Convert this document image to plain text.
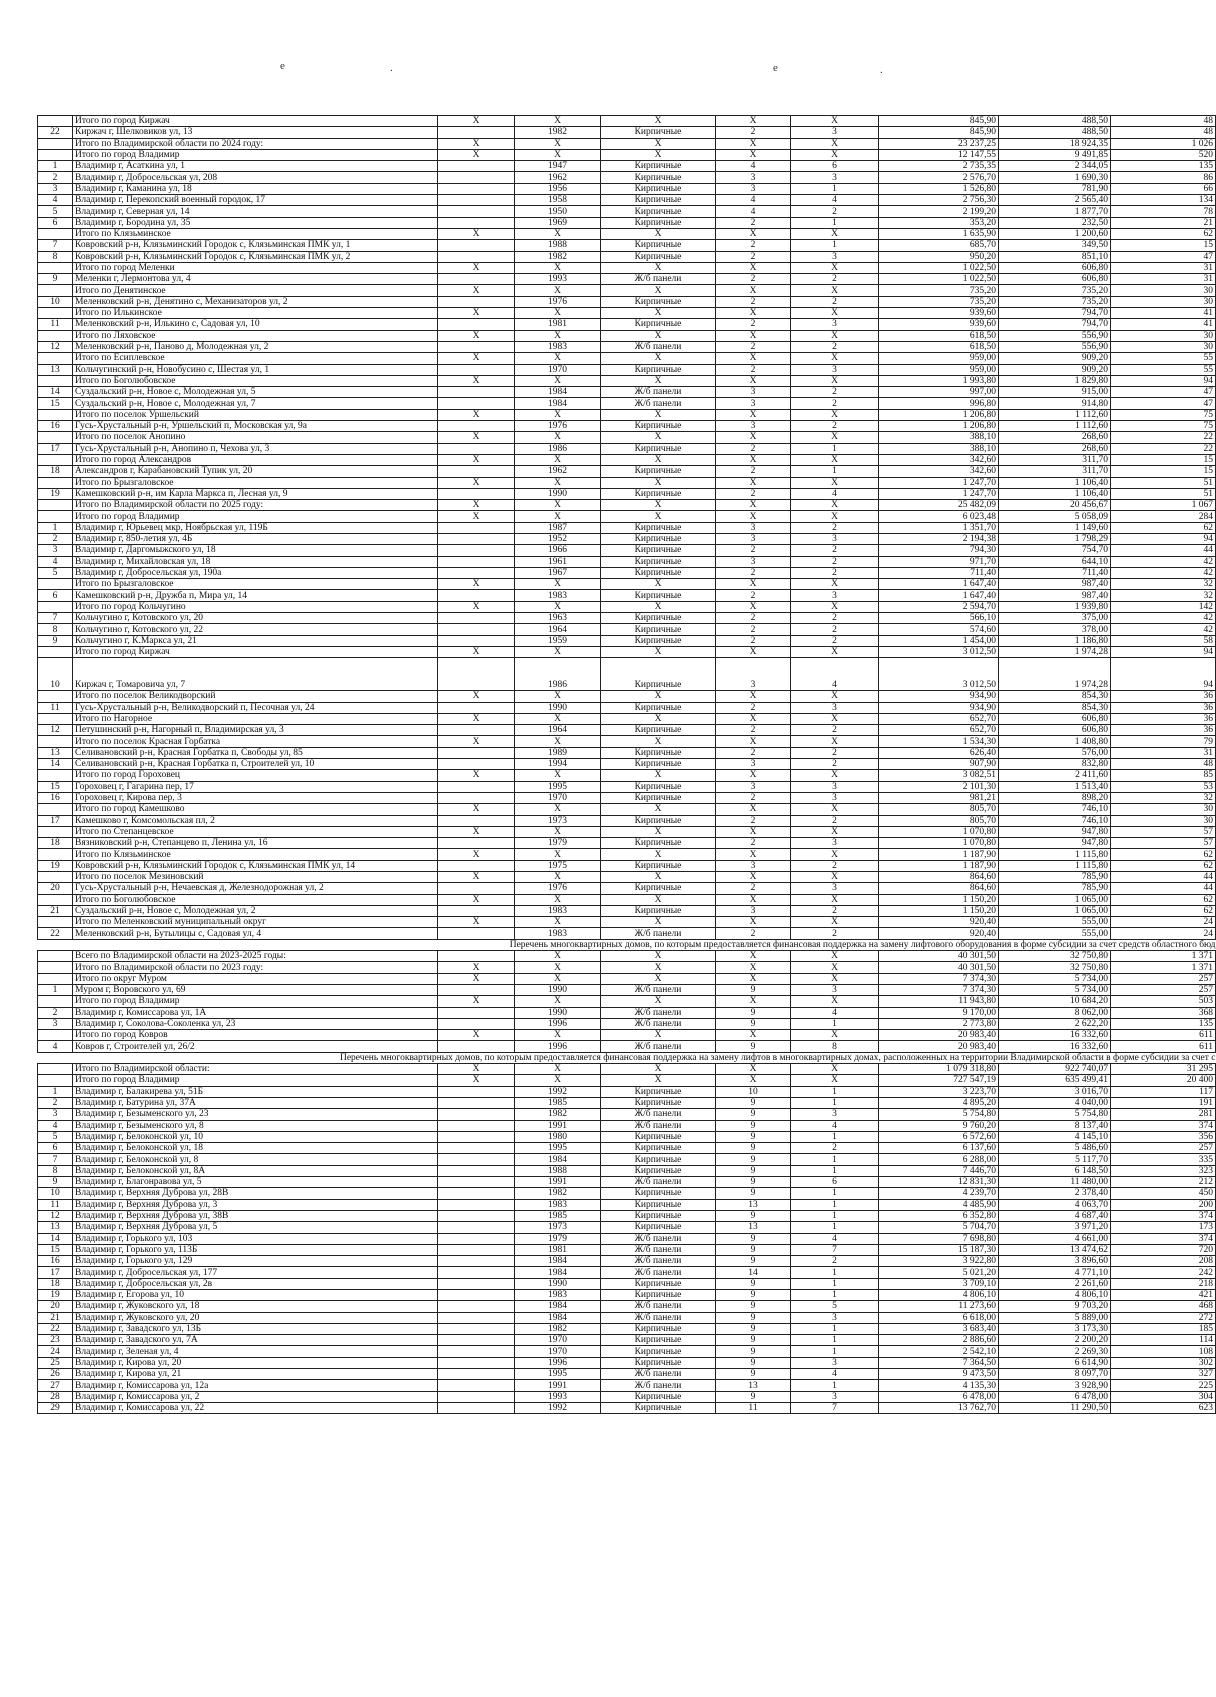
e	.	e	.
	Итого по город Киржач	X	X	X	X	X	845,90	488,50	48
22	Киржач г, Шелковиков ул, 13		1982	Кирпичные	2	3	845,90	488,50	48
	Итого по Владимирской области по 2024 году:	X	X	X	X	X	23 237,25	18 924,35	1 026
	Итого по город Владимир	X	X	X	X	X	12 147,55	9 491,85	520
1	Владимир г, Асаткина ул, 1		1947	Кирпичные	4	6	2 735,35	2 344,05	135
2	Владимир г, Добросельская ул, 208		1962	Кирпичные	3	3	2 576,70	1 690,30	86
3	Владимир г, Каманина ул, 18		1956	Кирпичные	3	1	1 526,80	781,90	66
4	Владимир г, Перекопский военный городок, 17		1958	Кирпичные	4	4	2 756,30	2 565,40	134
5	Владимир г, Северная ул, 14		1950	Кирпичные	4	2	2 199,20	1 877,70	78
6	Владимир г, Бородина ул, 35		1969	Кирпичные	2	1	353,20	232,50	21
	Итого по Клязьминское	X	X	X	X	X	1 635,90	1 200,60	62
7	Ковровский р-н, Клязьминский Городок с, Клязьминская ПМК ул, 1		1988	Кирпичные	2	1	685,70	349,50	15
8	Ковровский р-н, Клязьминский Городок с, Клязьминская ПМК ул, 2		1982	Кирпичные	2	3	950,20	851,10	47
	Итого по город Меленки	X	X	X	X	X	1 022,50	606,80	31
9	Меленки г, Лермонтова ул, 4		1993	Ж/б панели	2	2	1 022,50	606,80	31
	Итого по Денятинское	X	X	X	X	X	735,20	735,20	30
10	Меленковский р-н, Денятино с, Механизаторов ул, 2		1976	Кирпичные	2	2	735,20	735,20	30
	Итого по Илькинское	X	X	X	X	X	939,60	794,70	41
11	Меленковский р-н, Илькино с, Садовая ул, 10		1981	Кирпичные	2	3	939,60	794,70	41
	Итого по Ляховское	X	X	X	X	X	618,50	556,90	30
12	Меленковский р-н, Паново д, Молодежная ул, 2		1983	Ж/б панели	2	2	618,50	556,90	30
	Итого по Есиплевское	X	X	X	X	X	959,00	909,20	55
13	Кольчугинский р-н, Новобусино с, Шестая ул, 1		1970	Кирпичные	2	3	959,00	909,20	55
	Итого по Боголюбовское	X	X	X	X	X	1 993,80	1 829,80	94
14	Суздальский р-н, Новое с, Молодежная ул, 5		1984	Ж/б панели	3	2	997,00	915,00	47
15	Суздальский р-н, Новое с, Молодежная ул, 7		1984	Ж/б панели	3	2	996,80	914,80	47
	Итого по поселок Уршельский	X	X	X	X	X	1 206,80	1 112,60	75
16	Гусь-Хрустальный р-н, Уршельский п, Московская ул, 9а		1976	Кирпичные	3	2	1 206,80	1 112,60	75
	Итого по поселок Анопино	X	X	X	X	X	388,10	268,60	22
17	Гусь-Хрустальный р-н, Анопино п, Чехова ул, 3		1986	Кирпичные	2	1	388,10	268,60	22
	Итого по город Александров	X	X	X	X	X	342,60	311,70	15
18	Александров г, Карабановский Тупик ул, 20		1962	Кирпичные	2	1	342,60	311,70	15
	Итого по Брызгаловское	X	X	X	X	X	1 247,70	1 106,40	51
19	Камешковский р-н, им Карла Маркса п, Лесная ул, 9		1990	Кирпичные	2	4	1 247,70	1 106,40	51
	Итого по Владимирской области по 2025 году:	X	X	X	X	X	25 482,09	20 456,67	1 067
	Итого по город Владимир	X	X	X	X	X	6 023,48	5 058,09	284
1	Владимир г, Юрьевец мкр, Ноябрьская ул, 119Б		1987	Кирпичные	3	2	1 351,70	1 149,60	62
2	Владимир г, 850-летия ул, 4Б		1952	Кирпичные	3	3	2 194,38	1 798,29	94
3	Владимир г, Даргомыжского ул, 18		1966	Кирпичные	2	2	794,30	754,70	44
4	Владимир г, Михайловская ул, 18		1961	Кирпичные	3	2	971,70	644,10	42
5	Владимир г, Добросельская ул, 190а		1967	Кирпичные	2	2	711,40	711,40	42
	Итого по Брызгаловское	X	X	X	X	X	1 647,40	987,40	32
6	Камешковский р-н, Дружба п, Мира ул, 14		1983	Кирпичные	2	3	1 647,40	987,40	32
	Итого по город Кольчугино	X	X	X	X	X	2 594,70	1 939,80	142
7	Кольчугино г, Котовского ул, 20		1963	Кирпичные	2	2	566,10	375,00	42
8	Кольчугино г, Котовского ул, 22		1964	Кирпичные	2	2	574,60	378,00	42
9	Кольчугино г, К.Маркса ул, 21		1959	Кирпичные	2	2	1 454,00	1 186,80	58
	Итого по город Киржач	X	X	X	X	X	3 012,50	1 974,28	94
10	Киржач г, Томаровича ул, 7		1986	Кирпичные	3	4	3 012,50	1 974,28	94
	Итого по поселок Великодворский	X	X	X	X	X	934,90	854,30	36
11	Гусь-Хрустальный р-н, Великодворский п, Песочная ул, 24		1990	Кирпичные	2	3	934,90	854,30	36
	Итого по Нагорное	X	X	X	X	X	652,70	606,80	36
12	Петушинский р-н, Нагорный п, Владимирская ул, 3		1964	Кирпичные	2	2	652,70	606,80	36
	Итого по поселок Красная Горбатка	X	X	X	X	X	1 534,30	1 408,80	79
13	Селивановский р-н, Красная Горбатка п, Свободы ул, 85		1989	Кирпичные	2	2	626,40	576,00	31
14	Селивановский р-н, Красная Горбатка п, Строителей ул, 10		1994	Кирпичные	3	2	907,90	832,80	48
	Итого по город Гороховец	X	X	X	X	X	3 082,51	2 411,60	85
15	Гороховец г, Гагарина пер, 17		1995	Кирпичные	3	3	2 101,30	1 513,40	53
16	Гороховец г, Кирова пер, 3		1970	Кирпичные	2	3	981,21	898,20	32
	Итого по город Камешково	X	X	X	X	X	805,70	746,10	30
17	Камешково г, Комсомольская пл, 2		1973	Кирпичные	2	2	805,70	746,10	30
	Итого по Степанцевское	X	X	X	X	X	1 070,80	947,80	57
18	Вязниковский р-н, Степанцево п, Ленина ул, 16		1979	Кирпичные	2	3	1 070,80	947,80	57
	Итого по Клязьминское	X	X	X	X	X	1 187,90	1 115,80	62
19	Ковровский р-н, Клязьминский Городок с, Клязьминская ПМК ул, 14		1975	Кирпичные	3	2	1 187,90	1 115,80	62
	Итого по поселок Мезиновский	X	X	X	X	X	864,60	785,90	44
20	Гусь-Хрустальный р-н, Нечаевская д, Железнодорожная ул, 2		1976	Кирпичные	2	3	864,60	785,90	44
	Итого по Боголюбовское	X	X	X	X	X	1 150,20	1 065,00	62
21	Суздальский р-н, Новое с, Молодежная ул, 2		1983	Кирпичные	3	2	1 150,20	1 065,00	62
	Итого по Меленковский муниципальный округ	X	X	X	X	X	920,40	555,00	24
22	Меленковский р-н, Бутылицы с, Садовая ул, 4		1983	Ж/б панели	2	2	920,40	555,00	24
Перечень многоквартирных домов, по которым предоставляется финансовая поддержка на замену лифтового оборудования в форме субсидии за счет средств областного бюд									
	Всего по Владимирской области на 2023-2025 годы:		X	X	X	X	40 301,50	32 750,80	1 371
	Итого по Владимирской области по 2023 году:	X	X	X	X	X	40 301,50	32 750,80	1 371
	Итого по округ Муром	X	X	X	X	X	7 374,30	5 734,00	257
1	Муром г, Воровского ул, 69		1990	Ж/б панели	9	3	7 374,30	5 734,00	257
	Итого по город Владимир	X	X	X	X	X	11 943,80	10 684,20	503
2	Владимир г, Комиссарова ул, 1А		1990	Ж/б панели	9	4	9 170,00	8 062,00	368
3	Владимир г, Соколова-Соколенка ул, 23		1996	Ж/б панели	9	1	2 773,80	2 622,20	135
	Итого по город Ковров	X	X	X	X	X	20 983,40	16 332,60	611
4	Ковров г, Строителей ул, 26/2		1996	Ж/б панели	9	8	20 983,40	16 332,60	611
Перечень многоквартирных домов, по которым предоставляется финансовая поддержка на замену лифтов в многоквартирных домах, расположенных на территории Владимирской области в форме субсидии за счет с									
	Итого по Владимирской области:	X	X	X	X	X	1 079 318,80	922 740,07	31 295
	Итого по город Владимир	X	X	X	X	X	727 547,19	635 499,41	20 400
1	Владимир г, Балакирева ул, 51Б		1992	Кирпичные	10	1	3 223,70	3 016,70	117
2	Владимир г, Батурина ул, 37А		1985	Кирпичные	9	1	4 895,20	4 040,00	191
3	Владимир г, Безыменского ул, 23		1982	Ж/б панели	9	3	5 754,80	5 754,80	281
4	Владимир г, Безыменского ул, 8		1991	Ж/б панели	9	4	9 760,20	8 137,40	374
5	Владимир г, Белоконской ул, 10		1980	Кирпичные	9	1	6 572,60	4 145,10	356
6	Владимир г, Белоконской ул, 18		1995	Кирпичные	9	2	6 137,60	5 486,60	257
7	Владимир г, Белоконской ул, 8		1984	Кирпичные	9	1	6 288,00	5 117,70	335
8	Владимир г, Белоконской ул, 8А		1988	Кирпичные	9	1	7 446,70	6 148,50	323
9	Владимир г, Благонравова ул, 5		1991	Ж/б панели	9	6	12 831,30	11 480,00	212
10	Владимир г, Верхняя Дуброва ул, 28В		1982	Кирпичные	9	1	4 239,70	2 378,40	450
11	Владимир г, Верхняя Дуброва ул, 3		1983	Кирпичные	13	1	4 485,90	4 063,70	200
12	Владимир г, Верхняя Дуброва ул, 38В		1985	Кирпичные	9	1	6 352,80	4 687,40	374
13	Владимир г, Верхняя Дуброва ул, 5		1973	Кирпичные	13	1	5 704,70	3 971,20	173
14	Владимир г, Горького ул, 103		1979	Ж/б панели	9	4	7 698,80	4 661,00	374
15	Владимир г, Горького ул, 113Б		1981	Ж/б панели	9	7	15 187,30	13 474,62	720
16	Владимир г, Горького ул, 129		1984	Ж/б панели	9	2	3 922,80	3 896,60	208
17	Владимир г, Добросельская ул, 177		1984	Ж/б панели	14	1	5 021,20	4 771,10	242
18	Владимир г, Добросельская ул, 2в		1990	Кирпичные	9	1	3 709,10	2 261,60	218
19	Владимир г, Егорова ул, 10		1983	Кирпичные	9	1	4 806,10	4 806,10	421
20	Владимир г, Жуковского ул, 18		1984	Ж/б панели	9	5	11 273,60	9 703,20	468
21	Владимир г, Жуковского ул, 20		1984	Ж/б панели	9	3	6 618,00	5 889,00	272
22	Владимир г, Завадского ул, 13Б		1982	Кирпичные	9	1	3 683,40	3 173,30	185
23	Владимир г, Завадского ул, 7А		1970	Кирпичные	9	1	2 886,60	2 200,20	114
24	Владимир г, Зеленая ул, 4		1970	Кирпичные	9	1	2 542,10	2 269,30	108
25	Владимир г, Кирова ул, 20		1996	Кирпичные	9	3	7 364,50	6 614,90	302
26	Владимир г, Кирова ул, 21		1995	Ж/б панели	9	4	9 473,50	8 097,70	327
27	Владимир г, Комиссарова ул, 12а		1991	Ж/б панели	13	1	4 135,30	3 928,90	225
28	Владимир г, Комиссарова ул, 2		1993	Кирпичные	9	3	6 478,00	6 478,00	304
29	Владимир г, Комиссарова ул, 22		1992	Кирпичные	11	7	13 762,70	11 290,50	623
